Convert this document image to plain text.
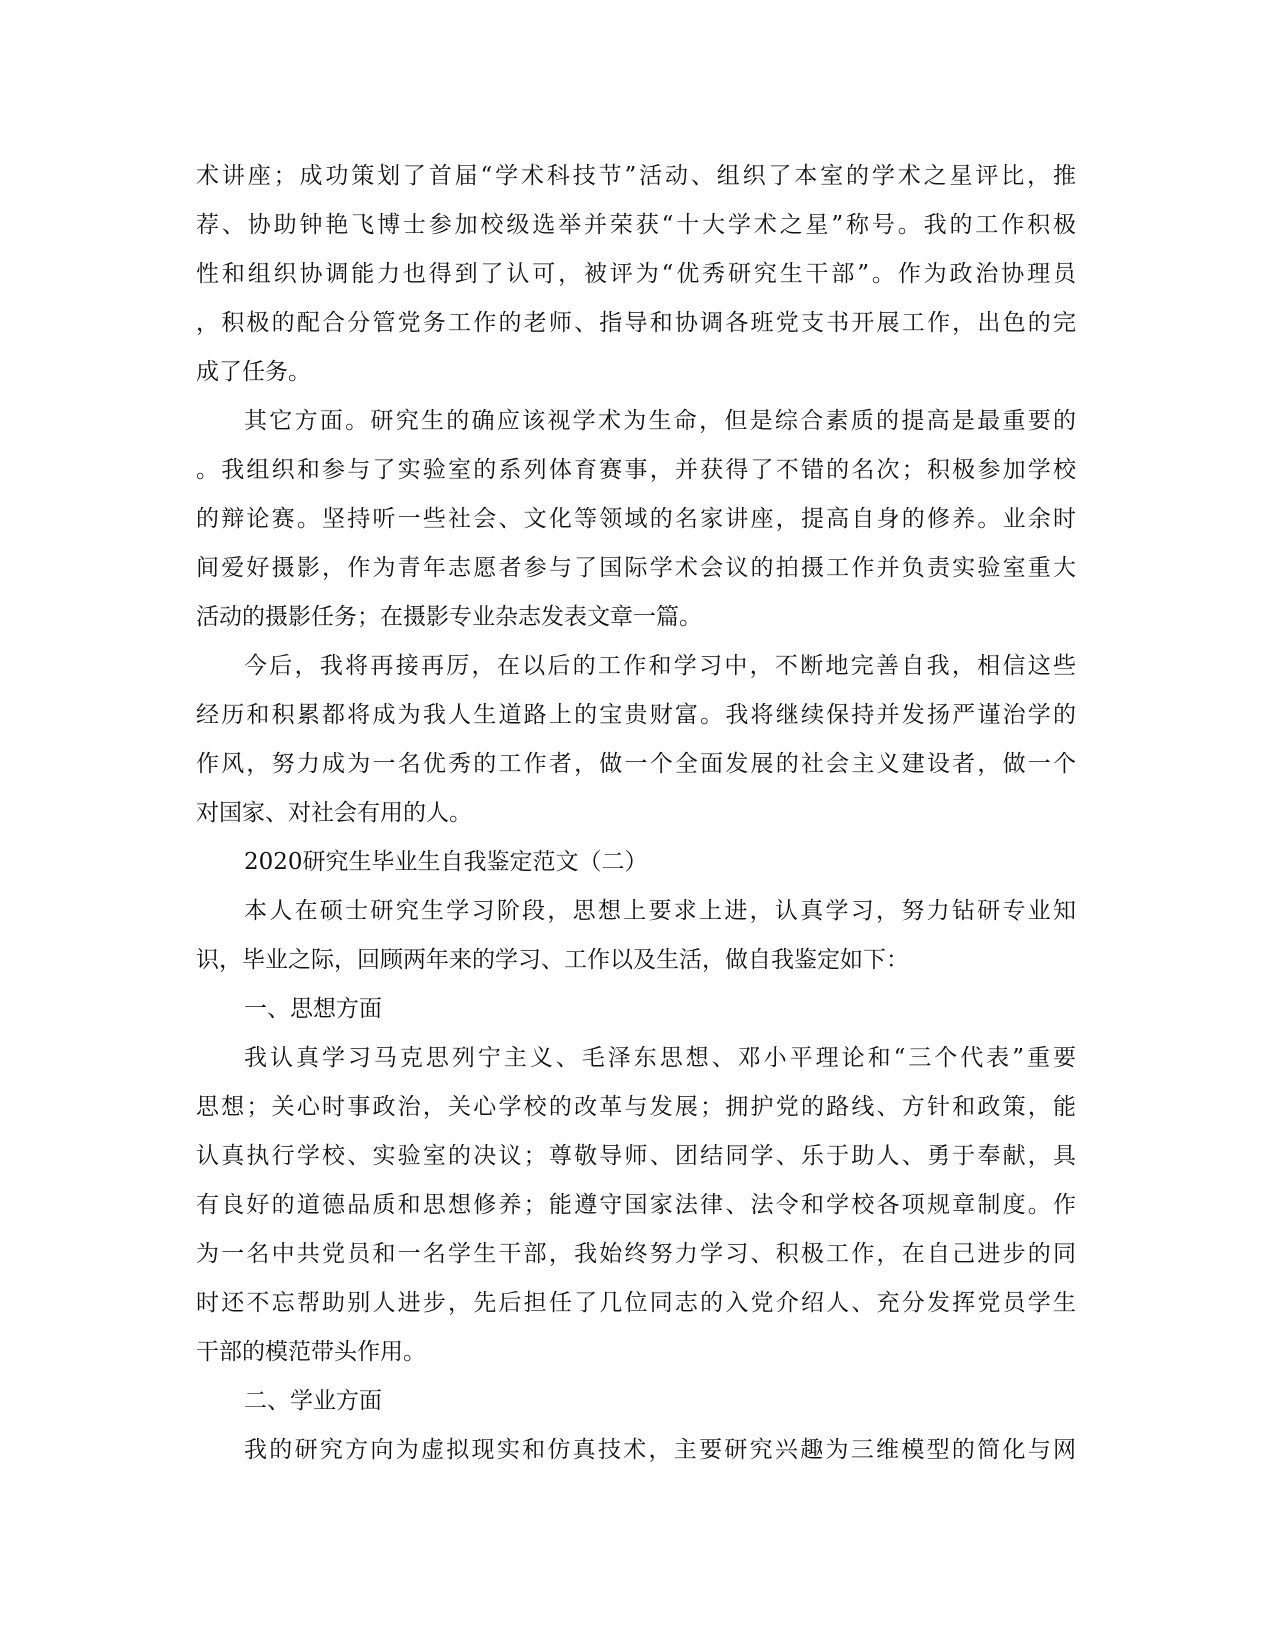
术讲座；成功策划了首届“学术科技节”活动、组织了本室的学术之星评比，推
荐、协助钟艳飞博士参加校级选举并荣获“十大学术之星”称号。我的工作积极
性和组织协调能力也得到了认可，被评为“优秀研究生干部”。作为政治协理员
，积极的配合分管党务工作的老师、指导和协调各班党支书开展工作，出色的完
成了任务。
其它方面。研究生的确应该视学术为生命，但是综合素质的提高是最重要的
。我组织和参与了实验室的系列体育赛事，并获得了不错的名次；积极参加学校
的辩论赛。坚持听一些社会、文化等领域的名家讲座，提高自身的修养。业余时
间爱好摄影，作为青年志愿者参与了国际学术会议的拍摄工作并负责实验室重大
活动的摄影任务；在摄影专业杂志发表文章一篇。
今后，我将再接再厉，在以后的工作和学习中，不断地完善自我，相信这些
经历和积累都将成为我人生道路上的宝贵财富。我将继续保持并发扬严谨治学的
作风，努力成为一名优秀的工作者，做一个全面发展的社会主义建设者，做一个
对国家、对社会有用的人。
2020研究生毕业生自我鉴定范文（二）
本人在硕士研究生学习阶段，思想上要求上进，认真学习，努力钻研专业知
识，毕业之际，回顾两年来的学习、工作以及生活，做自我鉴定如下：
一、思想方面
我认真学习马克思列宁主义、毛泽东思想、邓小平理论和“三个代表”重要
思想；关心时事政治，关心学校的改革与发展；拥护党的路线、方针和政策，能
认真执行学校、实验室的决议；尊敬导师、团结同学、乐于助人、勇于奉献，具
有良好的道德品质和思想修养；能遵守国家法律、法令和学校各项规章制度。作
为一名中共党员和一名学生干部，我始终努力学习、积极工作，在自己进步的同
时还不忘帮助别人进步，先后担任了几位同志的入党介绍人、充分发挥党员学生
干部的模范带头作用。
二、学业方面
我的研究方向为虚拟现实和仿真技术，主要研究兴趣为三维模型的简化与网
